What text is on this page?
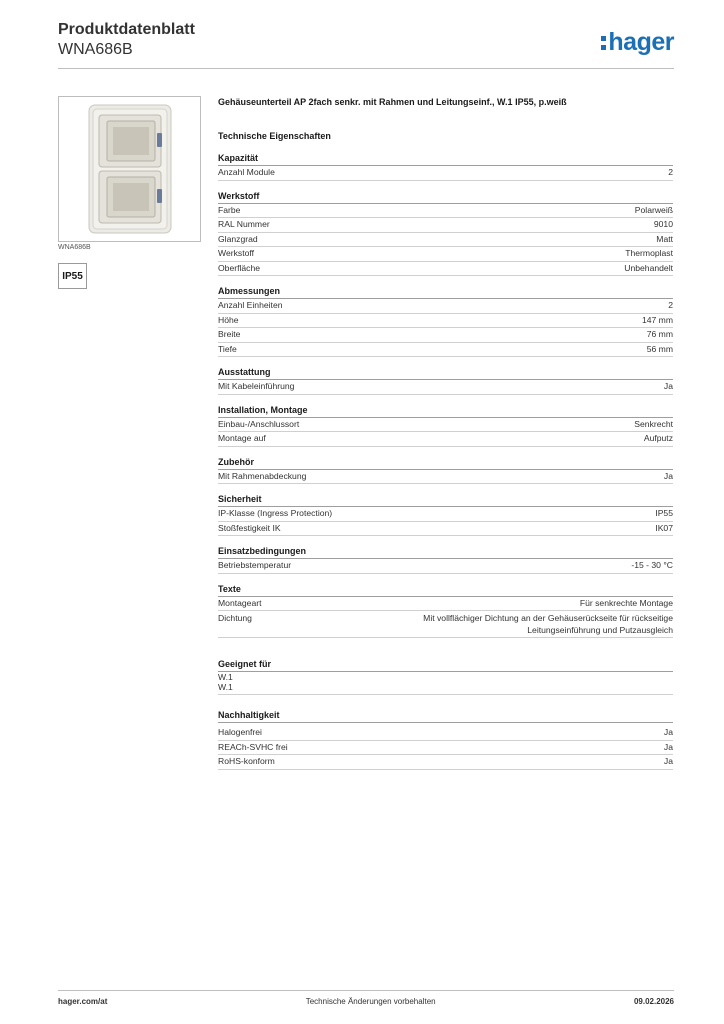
Produktdatenblatt
WNA686B	hager
WNA686B
IP55
Gehäuseunterteil AP 2fach senkr. mit Rahmen und Leitungseinf., W.1 IP55, p.weiß
Technische Eigenschaften
Kapazität
Anzahl Module	2
Werkstoff
Farbe	Polarweiß
RAL Nummer	9010
Glanzgrad	Matt
Werkstoff	Thermoplast
Oberfläche	Unbehandelt
Abmessungen
Anzahl Einheiten	2
Höhe	147 mm
Breite	76 mm
Tiefe	56 mm
Ausstattung
Mit Kabeleinführung	Ja
Installation, Montage
Einbau-/Anschlussort	Senkrecht
Montage auf	Aufputz
Zubehör
Mit Rahmenabdeckung	Ja
Sicherheit
IP-Klasse (Ingress Protection)	IP55
Stoßfestigkeit IK	IK07
Einsatzbedingungen
Betriebstemperatur	-15 - 30 °C
Texte
Montageart	Für senkrechte Montage
Dichtung	Mit vollflächiger Dichtung an der Gehäuserückseite für rückseitige Leitungseinführung und Putzausgleich
Geeignet für
W.1
W.1
Nachhaltigkeit
Halogenfrei	Ja
REACh-SVHC frei	Ja
RoHS-konform	Ja
hager.com/at	Technische Änderungen vorbehalten	09.02.2026
